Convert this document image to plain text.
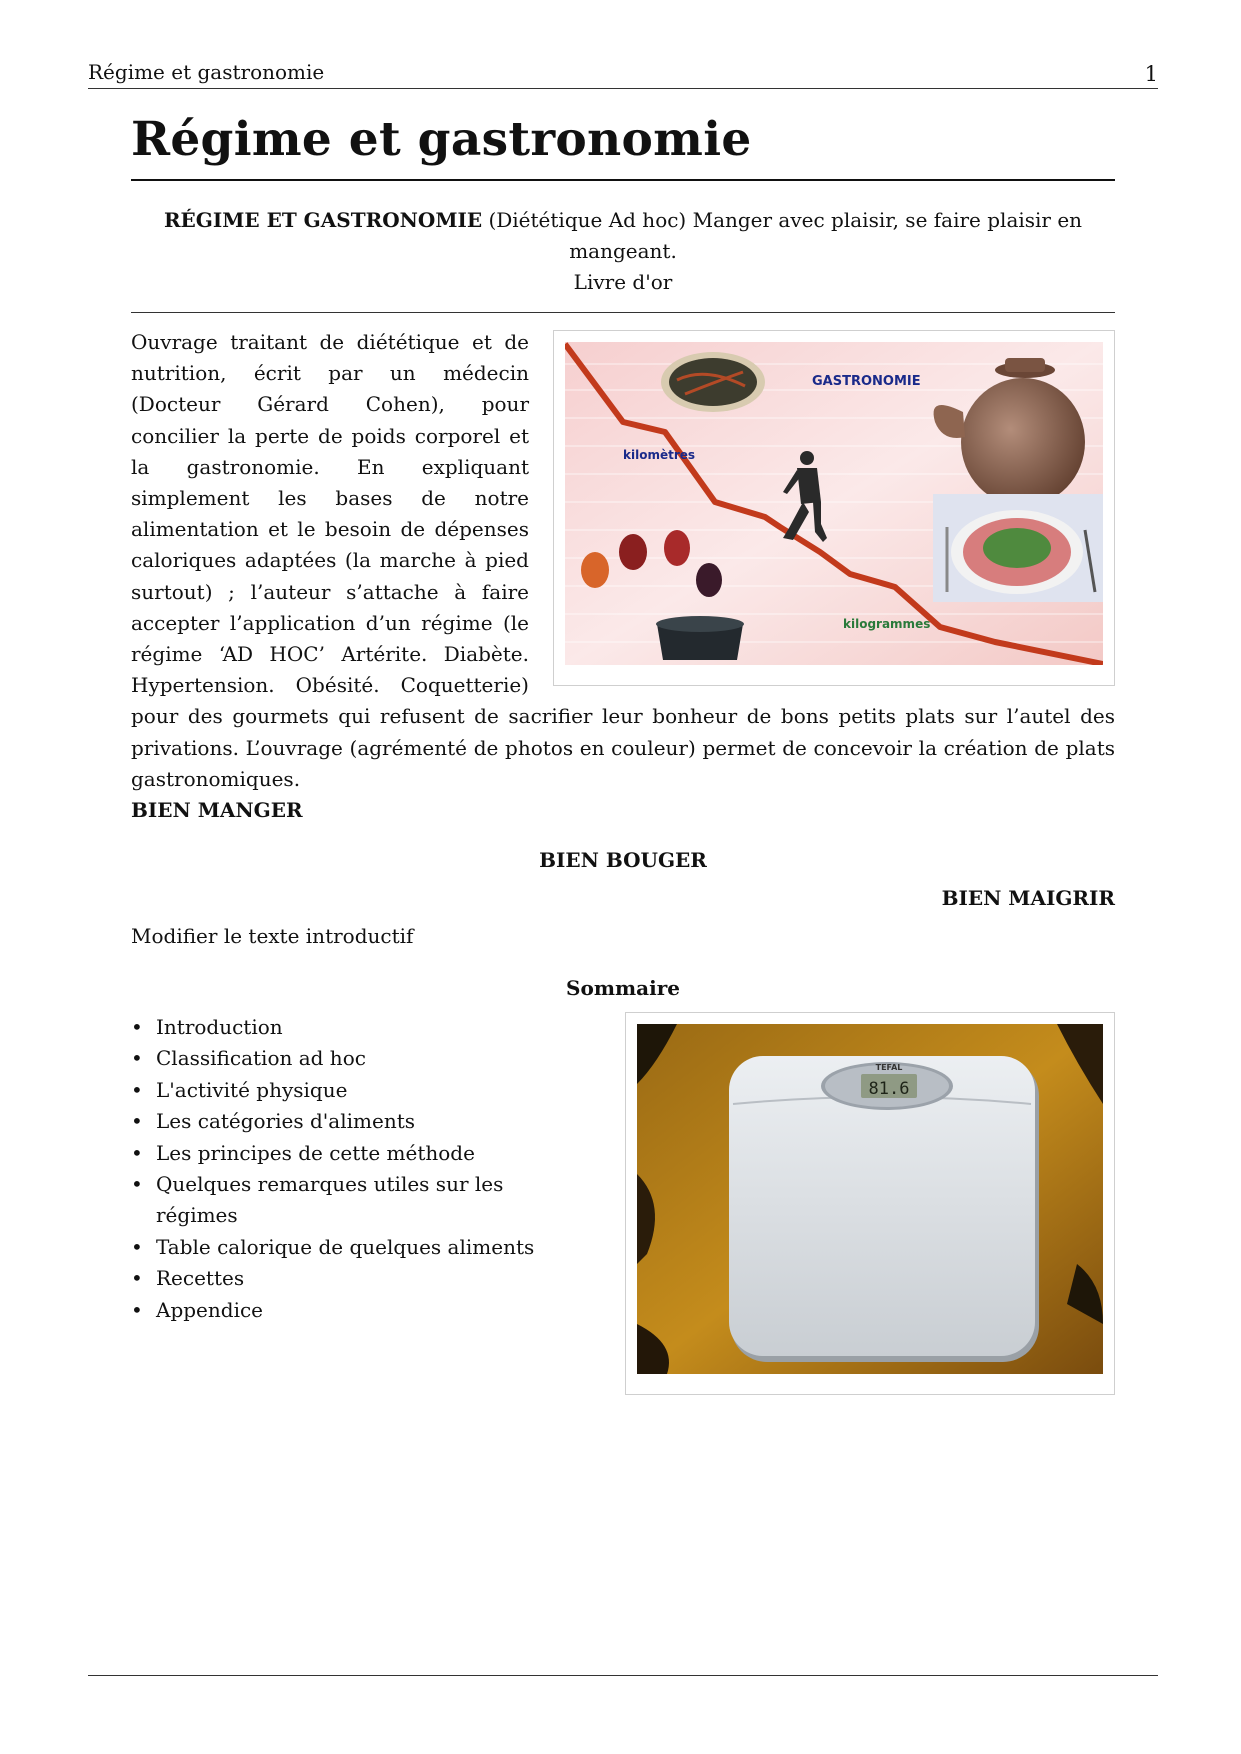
Régime et gastronomie	1
Régime et gastronomie
RÉGIME ET GASTRONOMIE (Diététique Ad hoc) Manger avec plaisir, se faire plaisir en mangeant.
Livre d'or
GASTRONOMIE
kilomètres
kilogrammes

Ouvrage traitant de diététique et de nutrition, écrit par un médecin (Docteur Gérard Cohen), pour concilier la perte de poids corporel et la gastronomie. En expliquant simplement les bases de notre alimentation et le besoin de dépenses caloriques adaptées (la marche à pied surtout) ; l’auteur s’attache à faire accepter l’application d’un régime (le régime ‘AD HOC’ Artérite. Diabète. Hypertension. Obésité. Coquetterie) pour des gourmets qui refusent de sacrifier leur bonheur de bons petits plats sur l’autel des privations. L’ouvrage (agrémenté de photos en couleur) permet de concevoir la création de plats gastronomiques.

BIEN MANGER
BIEN BOUGER
BIEN MAIGRIR
Modifier le texte introductif
Sommaire
• Introduction
• Classification ad hoc
• L'activité physique
• Les catégories d'aliments
• Les principes de cette méthode
• Quelques remarques utiles sur les régimes
• Table calorique de quelques aliments
• Recettes
• Appendice
TEFAL
81.6
